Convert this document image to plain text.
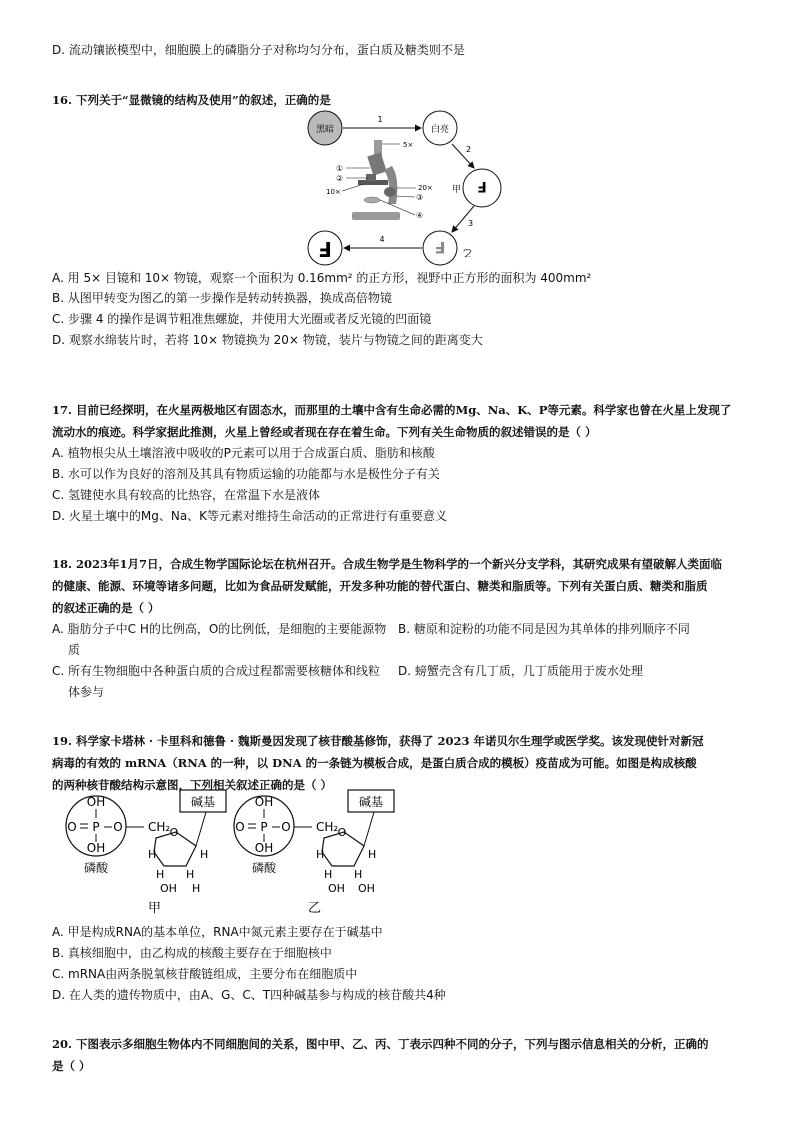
D. 流动镶嵌模型中，细胞膜上的磷脂分子对称均匀分布，蛋白质及糖类则不是
16. 下列关于“显微镜的结构及使用”的叙述，正确的是
黑暗	白亮
1
F
甲
2
F 乙
3
F	4
5×
①
②
10×	20×
③
④
A. 用 5× 目镜和 10× 物镜，观察一个面积为 0.16mm² 的正方形，视野中正方形的面积为 400mm²
B. 从图甲转变为图乙的第一步操作是转动转换器，换成高倍物镜
C. 步骤 4 的操作是调节粗准焦螺旋，并使用大光圈或者反光镜的凹面镜
D. 观察水绵装片时，若将 10× 物镜换为 20× 物镜，装片与物镜之间的距离变大
17. 目前已经探明，在火星两极地区有固态水，而那里的土壤中含有生命必需的Mg、Na、K、P等元素。科学家也曾在火星上发现了
流动水的痕迹。科学家据此推测，火星上曾经或者现在存在着生命。下列有关生命物质的叙述错误的是（ ）
A. 植物根尖从土壤溶液中吸收的P元素可以用于合成蛋白质、脂肪和核酸
B. 水可以作为良好的溶剂及其具有物质运输的功能都与水是极性分子有关
C. 氢键使水具有较高的比热容，在常温下水是液体
D. 火星土壤中的Mg、Na、K等元素对维持生命活动的正常进行有重要意义
18. 2023年1月7日，合成生物学国际论坛在杭州召开。合成生物学是生物科学的一个新兴分支学科，其研究成果有望破解人类面临
的健康、能源、环境等诸多问题，比如为食品研发赋能，开发多种功能的替代蛋白、糖类和脂质等。下列有关蛋白质、糖类和脂质
的叙述正确的是（ ）
A. 脂肪分子中C H的比例高，O的比例低，是细胞的主要能源物 B. 糖原和淀粉的功能不同是因为其单体的排列顺序不同
质
C. 所有生物细胞中各种蛋白质的合成过程都需要核糖体和线粒 D. 螃蟹壳含有几丁质，几丁质能用于废水处理
体参与
19. 科学家卡塔林 · 卡里科和德鲁 · 魏斯曼因发现了核苷酸基修饰，获得了 2023 年诺贝尔生理学或医学奖。该发现使针对新冠
病毒的有效的 mRNA（RNA 的一种，以 DNA 的一条链为模板合成，是蛋白质合成的模板）疫苗成为可能。如图是构成核酸
的两种核苷酸结构示意图，下列相关叙述正确的是（ ）
OH
O P O
OH
CH₂
磷酸
O
碱基
H	H
H H
OH H
甲
OH
O P O
OH
CH₂
磷酸
O
碱基
H	H
H H
OH OH
乙
A. 甲是构成RNA的基本单位，RNA中氮元素主要存在于碱基中
B. 真核细胞中，由乙构成的核酸主要存在于细胞核中
C. mRNA由两条脱氧核苷酸链组成，主要分布在细胞质中
D. 在人类的遗传物质中，由A、G、C、T四种碱基参与构成的核苷酸共4种
20. 下图表示多细胞生物体内不同细胞间的关系，图中甲、乙、丙、丁表示四种不同的分子，下列与图示信息相关的分析，正确的
是（ ）
